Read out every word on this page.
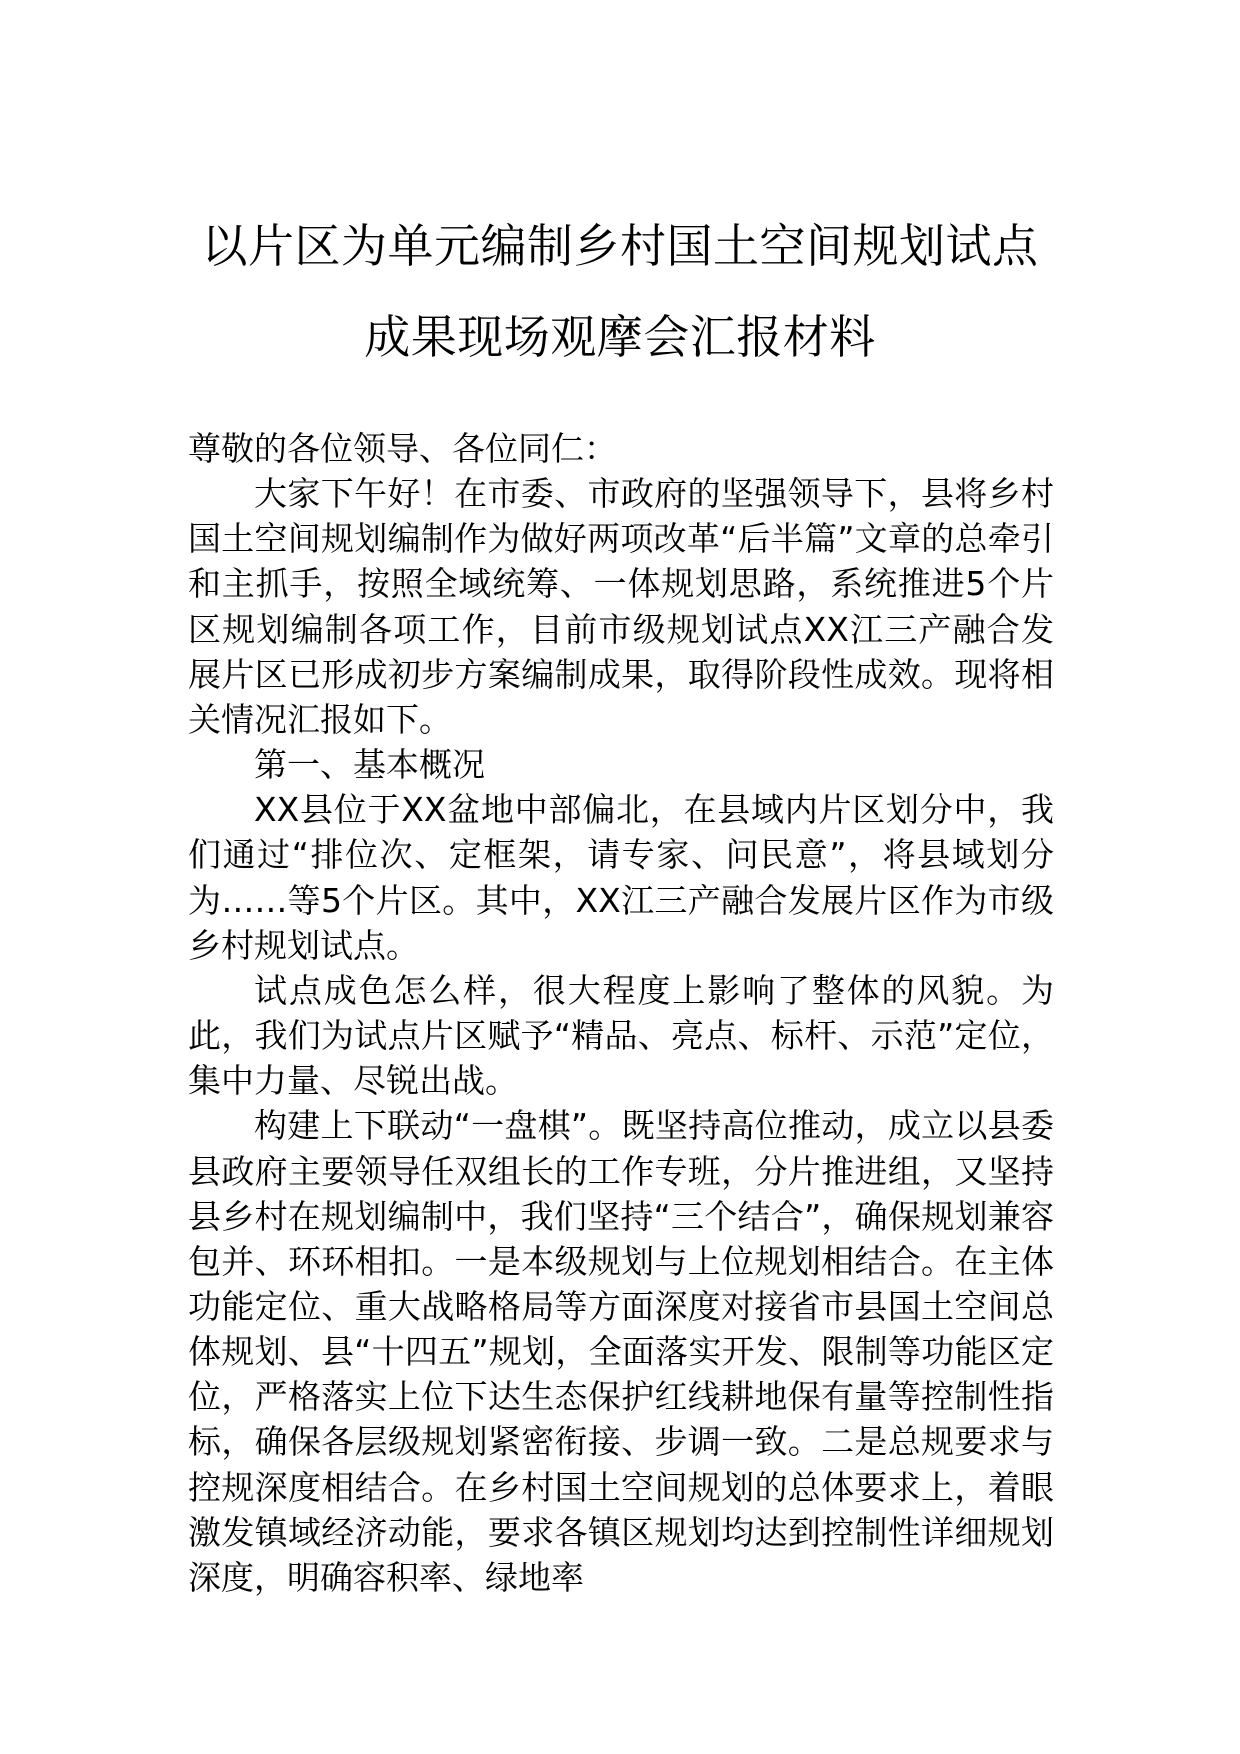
以片区为单元编制乡村国土空间规划试点
成果现场观摩会汇报材料

尊敬的各位领导、各位同仁：

大家下午好！在市委、市政府的坚强领导下，县将乡村国土空间规划编制作为做好两项改革“后半篇”文章的总牵引和主抓手，按照全域统筹、一体规划思路，系统推进5个片区规划编制各项工作，目前市级规划试点XX江三产融合发展片区已形成初步方案编制成果，取得阶段性成效。现将相关情况汇报如下。

第一、基本概况

XX县位于XX盆地中部偏北，在县域内片区划分中，我们通过“排位次、定框架，请专家、问民意”，将县域划分为……等5个片区。其中，XX江三产融合发展片区作为市级乡村规划试点。

试点成色怎么样，很大程度上影响了整体的风貌。为此，我们为试点片区赋予“精品、亮点、标杆、示范”定位，集中力量、尽锐出战。

构建上下联动“一盘棋”。既坚持高位推动，成立以县委县政府主要领导任双组长的工作专班，分片推进组，又坚持县乡村在规划编制中，我们坚持“三个结合”，确保规划兼容包并、环环相扣。一是本级规划与上位规划相结合。在主体功能定位、重大战略格局等方面深度对接省市县国土空间总体规划、县“十四五”规划，全面落实开发、限制等功能区定位，严格落实上位下达生态保护红线耕地保有量等控制性指标，确保各层级规划紧密衔接、步调一致。二是总规要求与控规深度相结合。在乡村国土空间规划的总体要求上，着眼激发镇域经济动能，要求各镇区规划均达到控制性详细规划深度，明确容积率、绿地率
